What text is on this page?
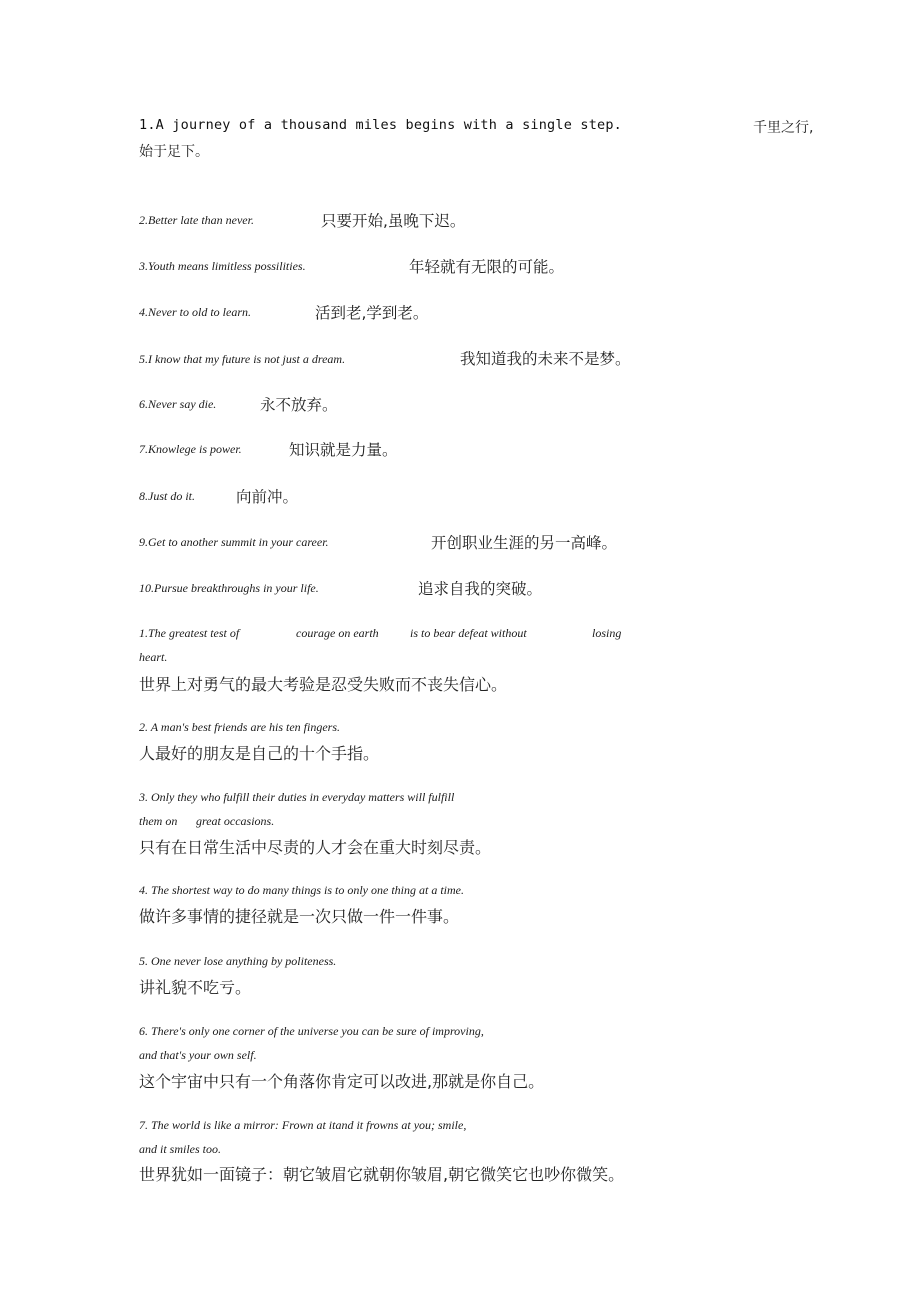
1.A journey of a thousand miles begins with a single step.	千里之行,
始于足下。
2.Better late than never.	只要开始,虽晚下迟。
3.Youth means limitless possilities.	年轻就有无限的可能。
4.Never to old to learn.	活到老,学到老。
5.I know that my future is not just a dream.	我知道我的未来不是梦。
6.Never say die.	永不放弃。
7.Knowlege is power.	知识就是力量。
8.Just do it.	向前冲。
9.Get to another summit in your career.	开创职业生涯的另一高峰。
10.Pursue breakthroughs in your life.	追求自我的突破。
1.The greatest test of	courage on earth	is to bear defeat without	losing
heart.
世界上对勇气的最大考验是忍受失败而不丧失信心。
2. A man's best friends are his ten fingers.
人最好的朋友是自己的十个手指。
3. Only they who fulfill their duties in everyday matters will fulfill
them on great occasions.
只有在日常生活中尽责的人才会在重大时刻尽责。
4. The shortest way to do many things is to only one thing at a time.
做许多事情的捷径就是一次只做一件一件事。
5. One never lose anything by politeness.
讲礼貌不吃亏。
6. There's only one corner of the universe you can be sure of improving,
and that's your own self.
这个宇宙中只有一个角落你肯定可以改进,那就是你自己。
7. The world is like a mirror: Frown at itand it frowns at you; smile,
and it smiles too.
世界犹如一面镜子：朝它皱眉它就朝你皱眉,朝它微笑它也吵你微笑。
